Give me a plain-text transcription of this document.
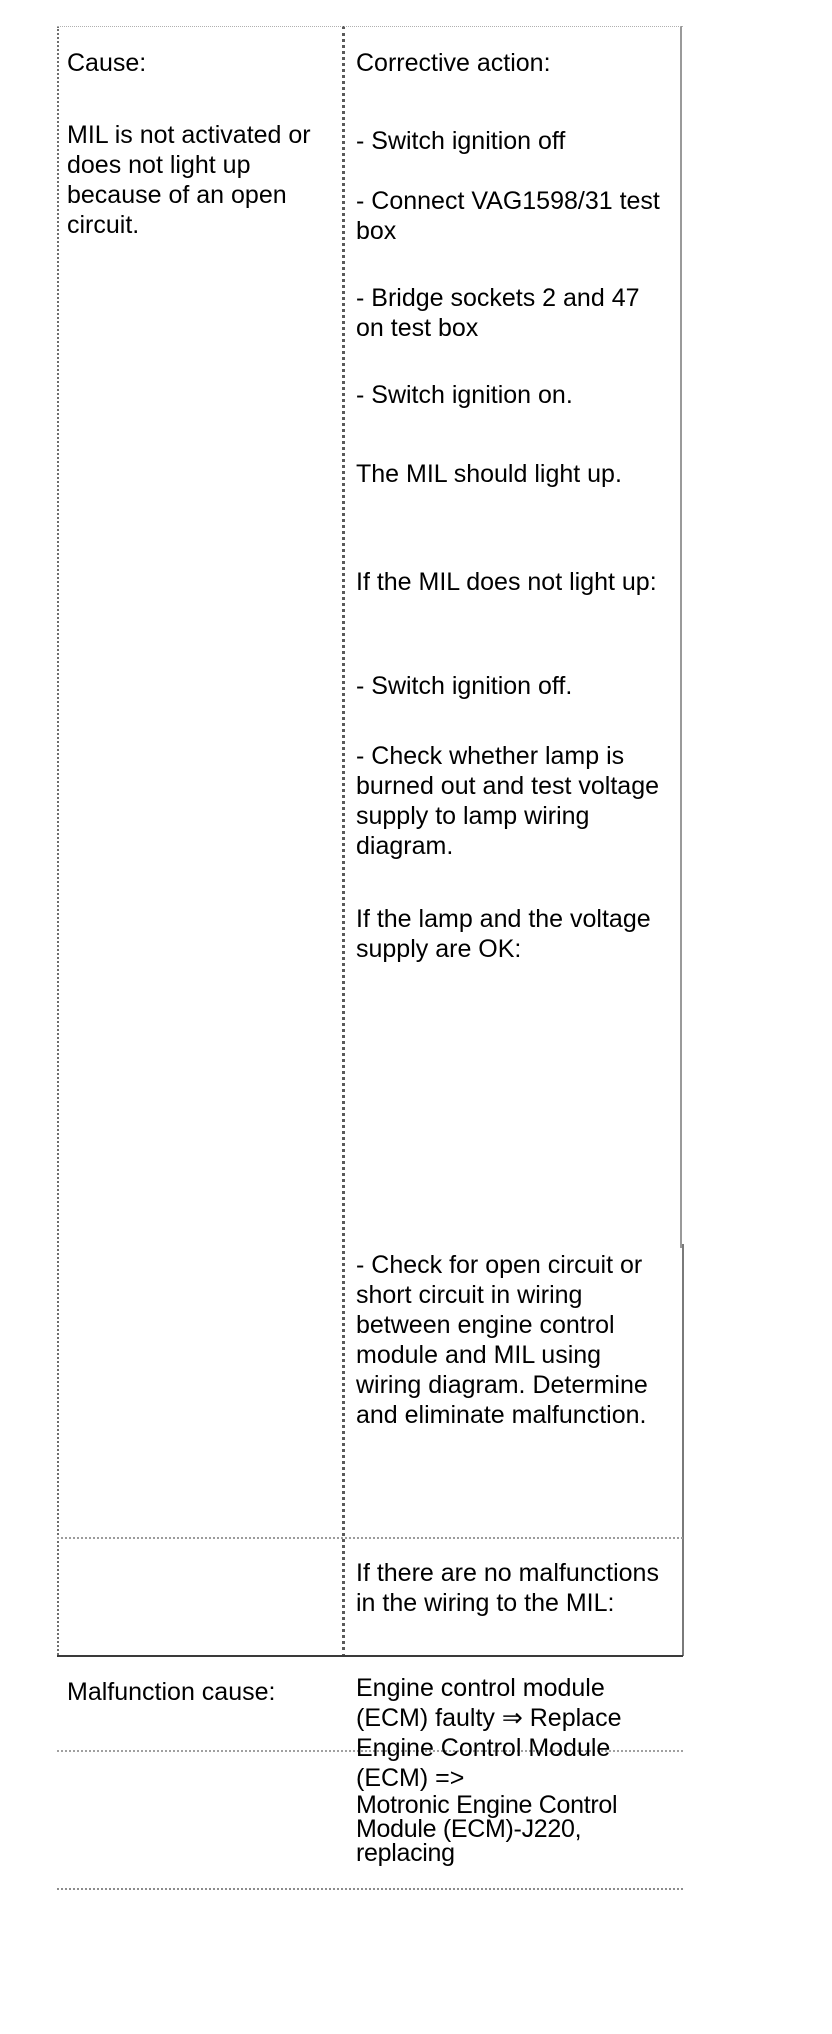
Cause:	Corrective action:

MIL is not activated or does not light up because of an open circuit.

- Switch ignition off

- Connect VAG1598/31 test box

- Bridge sockets 2 and 47 on test box

- Switch ignition on.

The MIL should light up.

If the MIL does not light up:

- Switch ignition off.

- Check whether lamp is burned out and test voltage supply to lamp wiring diagram.

If the lamp and the voltage supply are OK:

- Check for open circuit or short circuit in wiring between engine control module and MIL using wiring diagram. Determine and eliminate malfunction.

If there are no malfunctions in the wiring to the MIL:

Malfunction cause:	Engine control module (ECM) faulty ⇒ Replace Engine Control Module (ECM) =>
Motronic Engine Control Module (ECM)-J220, replacing
